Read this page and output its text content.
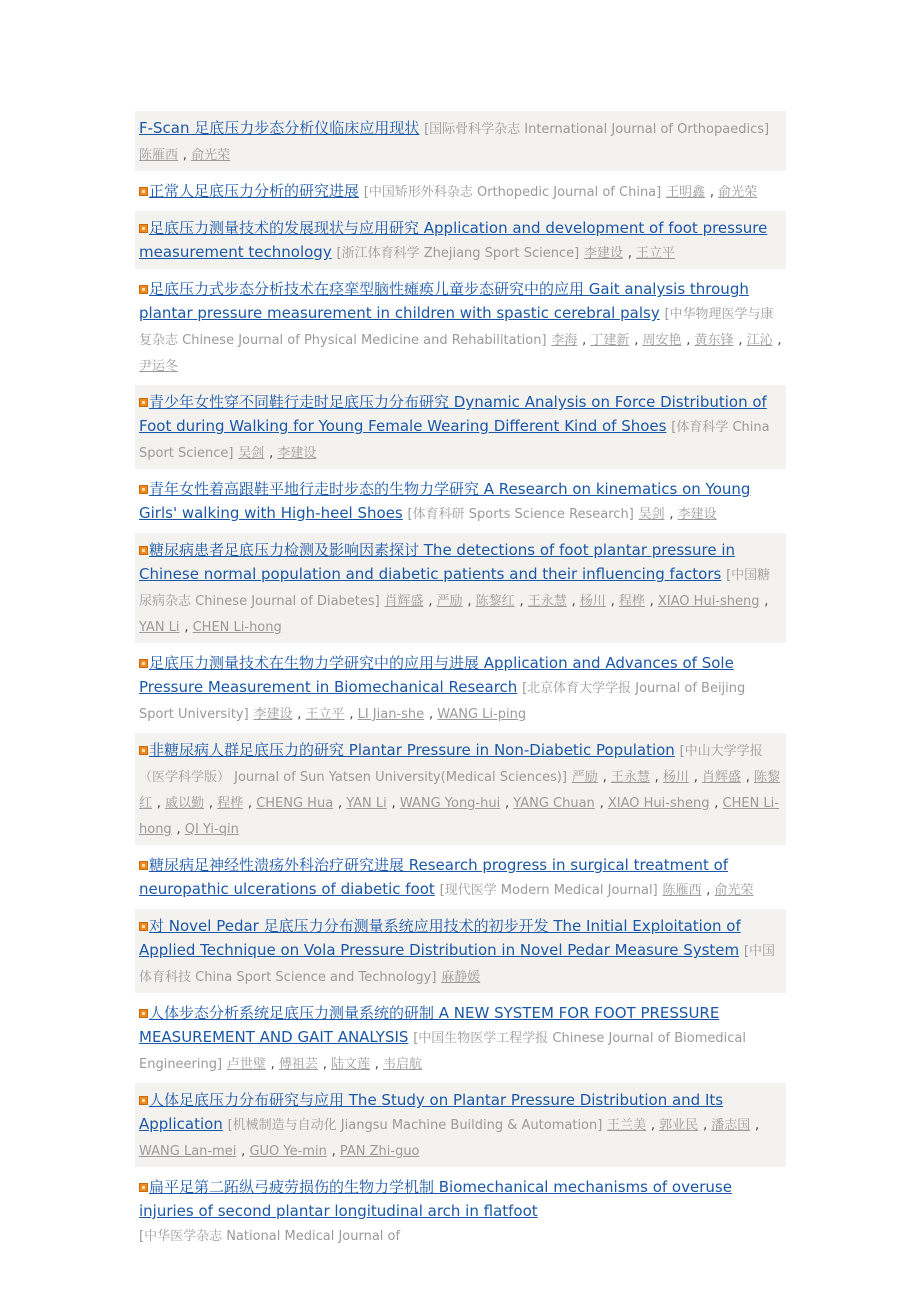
F-Scan 足底压力步态分析仪临床应用现状 [国际骨科学杂志 International Journal of Orthopaedics] 陈雁西 , 俞光荣
正常人足底压力分析的研究进展 [中国矫形外科杂志 Orthopedic Journal of China] 王明鑫 , 俞光荣
足底压力测量技术的发展现状与应用研究 Application and development of foot pressure measurement technology [浙江体育科学 Zhejiang Sport Science] 李建设 , 王立平
足底压力式步态分析技术在痉挛型脑性瘫痪儿童步态研究中的应用 Gait analysis through plantar pressure measurement in children with spastic cerebral palsy [中华物理医学与康复杂志 Chinese Journal of Physical Medicine and Rehabilitation] 李海 , 丁建新 , 周安艳 , 黄东锋 , 江沁 , 尹运冬
青少年女性穿不同鞋行走时足底压力分布研究 Dynamic Analysis on Force Distribution of Foot during Walking for Young Female Wearing Different Kind of Shoes [体育科学 China Sport Science] 吴剑 , 李建设
青年女性着高跟鞋平地行走时步态的生物力学研究 A Research on kinematics on Young Girls' walking with High-heel Shoes [体育科研 Sports Science Research] 吴剑 , 李建设
糖尿病患者足底压力检测及影响因素探讨 The detections of foot plantar pressure in Chinese normal population and diabetic patients and their influencing factors [中国糖尿病杂志 Chinese Journal of Diabetes] 肖辉盛 , 严励 , 陈黎红 , 王永慧 , 杨川 , 程桦 , XIAO Hui-sheng , YAN Li , CHEN Li-hong
足底压力测量技术在生物力学研究中的应用与进展 Application and Advances of Sole Pressure Measurement in Biomechanical Research [北京体育大学学报 Journal of Beijing Sport University] 李建设 , 王立平 , LI Jian-she , WANG Li-ping
非糖尿病人群足底压力的研究 Plantar Pressure in Non-Diabetic Population [中山大学学报（医学科学版） Journal of Sun Yatsen University(Medical Sciences)] 严励 , 王永慧 , 杨川 , 肖辉盛 , 陈黎红 , 戚以勤 , 程桦 , CHENG Hua , YAN Li , WANG Yong-hui , YANG Chuan , XIAO Hui-sheng , CHEN Li-hong , QI Yi-qin
糖尿病足神经性溃疡外科治疗研究进展 Research progress in surgical treatment of neuropathic ulcerations of diabetic foot [现代医学 Modern Medical Journal] 陈雁西 , 俞光荣
对 Novel Pedar 足底压力分布测量系统应用技术的初步开发 The Initial Exploitation of Applied Technique on Vola Pressure Distribution in Novel Pedar Measure System [中国体育科技 China Sport Science and Technology] 麻静媛
人体步态分析系统足底压力测量系统的研制 A NEW SYSTEM FOR FOOT PRESSURE MEASUREMENT AND GAIT ANALYSIS [中国生物医学工程学报 Chinese Journal of Biomedical Engineering] 卢世璧 , 傅祖芸 , 陆文莲 , 韦启航
人体足底压力分布研究与应用 The Study on Plantar Pressure Distribution and Its Application [机械制造与自动化 Jiangsu Machine Building & Automation] 王兰美 , 郭业民 , 潘志国 , WANG Lan-mei , GUO Ye-min , PAN Zhi-guo
扁平足第二跖纵弓疲劳损伤的生物力学机制 Biomechanical mechanisms of overuse injuries of second plantar longitudinal arch in flatfoot [中华医学杂志 National Medical Journal of
